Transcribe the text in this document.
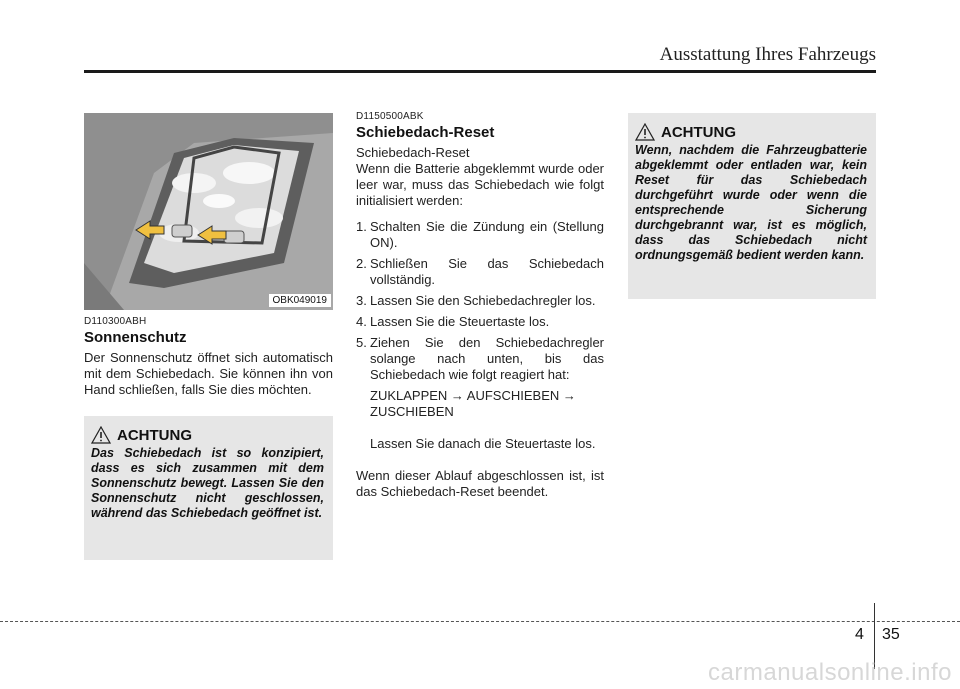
Ausstattung Ihres Fahrzeugs
OBK049019
D110300ABH
Sonnenschutz

Der Sonnenschutz öffnet sich automatisch mit dem Schiebedach. Sie können ihn von Hand schließen, falls Sie dies möchten.

ACHTUNG

Das Schiebedach ist so konzipiert, dass es sich zusammen mit dem Sonnenschutz bewegt. Lassen Sie den Sonnenschutz nicht geschlossen, während das Schiebedach geöffnet ist.

D1150500ABK
Schiebedach-Reset

Schiebedach-Reset

Wenn die Batterie abgeklemmt wurde oder leer war, muss das Schiebedach wie folgt initialisiert werden:

1. Schalten Sie die Zündung ein (Stellung ON).
2. Schließen Sie das Schiebedach vollständig.
3. Lassen Sie den Schiebedachregler los.
4. Lassen Sie die Steuertaste los.
5. Ziehen Sie den Schiebedachregler solange nach unten, bis das Schiebedach wie folgt reagiert hat:

ZUKLAPPEN → AUFSCHIEBEN → ZUSCHIEBEN

Lassen Sie danach die Steuertaste los.

Wenn dieser Ablauf abgeschlossen ist, ist das Schiebedach-Reset beendet.

ACHTUNG

Wenn, nachdem die Fahrzeugbatterie abgeklemmt oder entladen war, kein Reset für das Schiebedach durchgeführt wurde oder wenn die entsprechende Sicherung durchgebrannt war, ist es möglich, dass das Schiebedach nicht ordnungsgemäß bedient werden kann.

4 35
carmanualsonline.info
